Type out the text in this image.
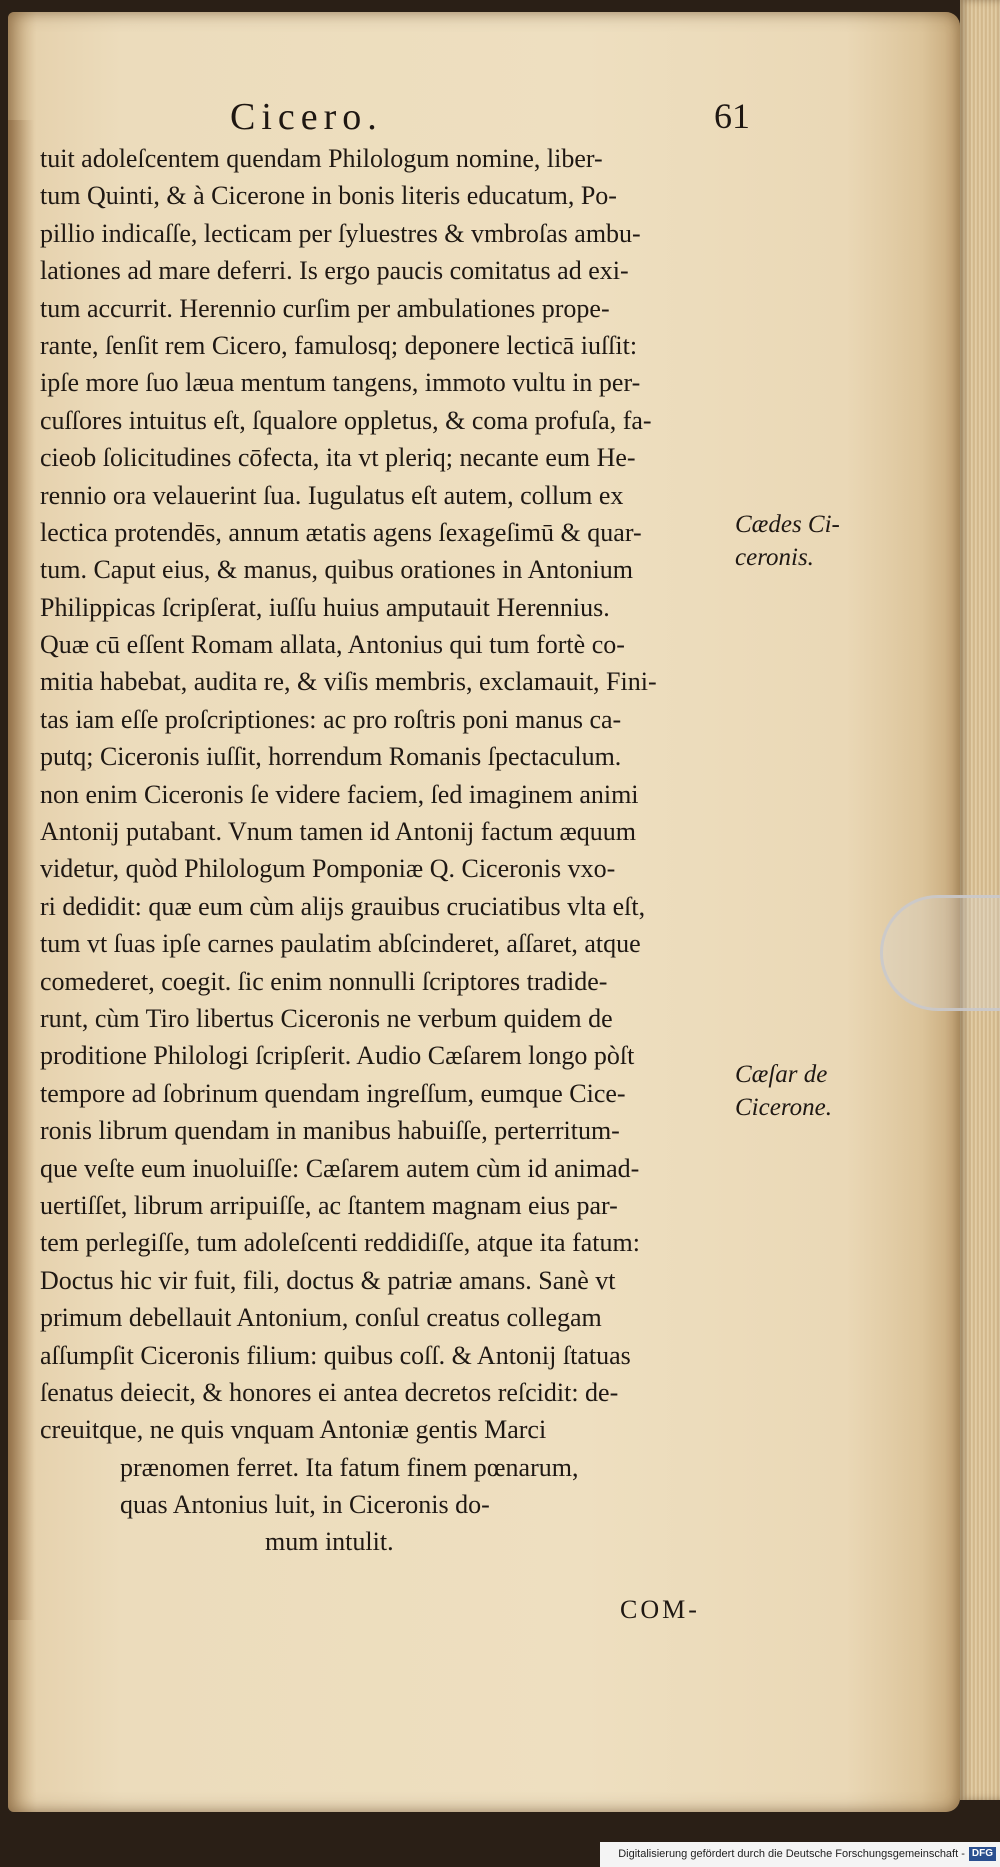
Cicero.	61
tuit adoleſcentem quendam Philologum nomine, liber-
tum Quinti, & à Cicerone in bonis literis educatum, Po-
pillio indicaſſe, lecticam per ſyluestres & vmbroſas ambu-
lationes ad mare deferri. Is ergo paucis comitatus ad exi-
tum accurrit. Herennio curſim per ambulationes prope-
rante, ſenſit rem Cicero, famulosq; deponere lecticā iuſſit:
ipſe more ſuo læua mentum tangens, immoto vultu in per-
cuſſores intuitus eſt, ſqualore oppletus, & coma profuſa, fa-
cieob ſolicitudines cōfecta, ita vt pleriq; necante eum He-
rennio ora velauerint ſua. Iugulatus eſt autem, collum ex
lectica protendēs, annum ætatis agens ſexageſimū & quar-
tum. Caput eius, & manus, quibus orationes in Antonium
Philippicas ſcripſerat, iuſſu huius amputauit Herennius.
Quæ cū eſſent Romam allata, Antonius qui tum fortè co-
mitia habebat, audita re, & viſis membris, exclamauit, Fini-
tas iam eſſe proſcriptiones: ac pro roſtris poni manus ca-
putq; Ciceronis iuſſit, horrendum Romanis ſpectaculum.
non enim Ciceronis ſe videre faciem, ſed imaginem animi
Antonij putabant. Vnum tamen id Antonij factum æquum
videtur, quòd Philologum Pomponiæ Q. Ciceronis vxo-
ri dedidit: quæ eum cùm alijs grauibus cruciatibus vlta eſt,
tum vt ſuas ipſe carnes paulatim abſcinderet, aſſaret, atque
comederet, coegit. ſic enim nonnulli ſcriptores tradide-
runt, cùm Tiro libertus Ciceronis ne verbum quidem de
proditione Philologi ſcripſerit. Audio Cæſarem longo pòſt
tempore ad ſobrinum quendam ingreſſum, eumque Cice-
ronis librum quendam in manibus habuiſſe, perterritum-
que veſte eum inuoluiſſe: Cæſarem autem cùm id animad-
uertiſſet, librum arripuiſſe, ac ſtantem magnam eius par-
tem perlegiſſe, tum adoleſcenti reddidiſſe, atque ita fatum:
Doctus hic vir fuit, fili, doctus & patriæ amans. Sanè vt
primum debellauit Antonium, conſul creatus collegam
aſſumpſit Ciceronis filium: quibus coſſ. & Antonij ſtatuas
ſenatus deiecit, & honores ei antea decretos reſcidit: de-
creuitque, ne quis vnquam Antoniæ gentis Marci
prænomen ferret. Ita fatum finem pœnarum,
quas Antonius luit, in Ciceronis do-
mum intulit.
COM-
Cædes Ci-
ceronis.
Cæſar de
Cicerone.
Digitalisierung gefördert durch die Deutsche Forschungsgemeinschaft - DFG
